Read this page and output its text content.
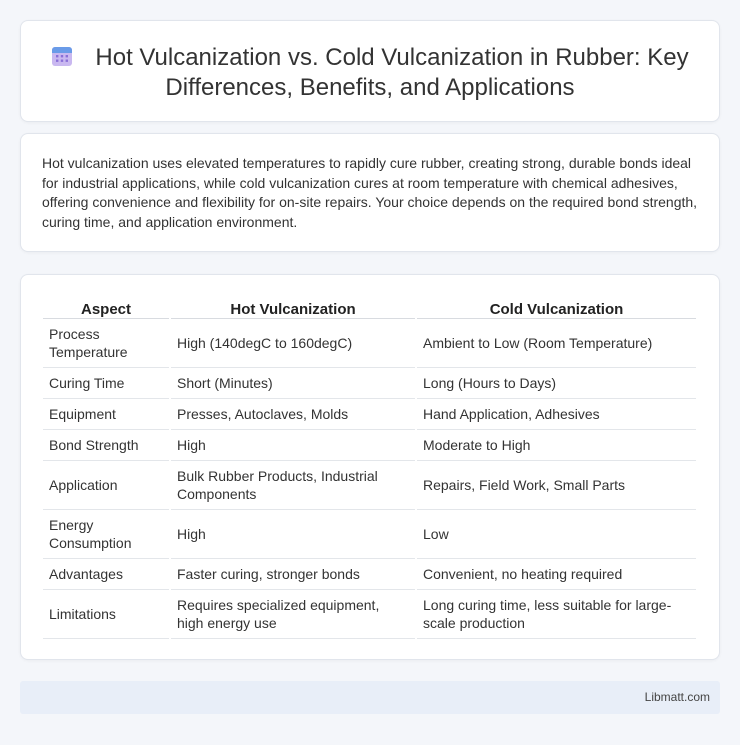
Hot Vulcanization vs. Cold Vulcanization in Rubber: Key Differences, Benefits, and Applications

Hot vulcanization uses elevated temperatures to rapidly cure rubber, creating strong, durable bonds ideal for industrial applications, while cold vulcanization cures at room temperature with chemical adhesives, offering convenience and flexibility for on-site repairs. Your choice depends on the required bond strength, curing time, and application environment.

Aspect	Hot Vulcanization	Cold Vulcanization
Process Temperature	High (140degC to 160degC)	Ambient to Low (Room Temperature)
Curing Time	Short (Minutes)	Long (Hours to Days)
Equipment	Presses, Autoclaves, Molds	Hand Application, Adhesives
Bond Strength	High	Moderate to High
Application	Bulk Rubber Products, Industrial Components	Repairs, Field Work, Small Parts
Energy Consumption	High	Low
Advantages	Faster curing, stronger bonds	Convenient, no heating required
Limitations	Requires specialized equipment, high energy use	Long curing time, less suitable for large-scale production
Libmatt.com
